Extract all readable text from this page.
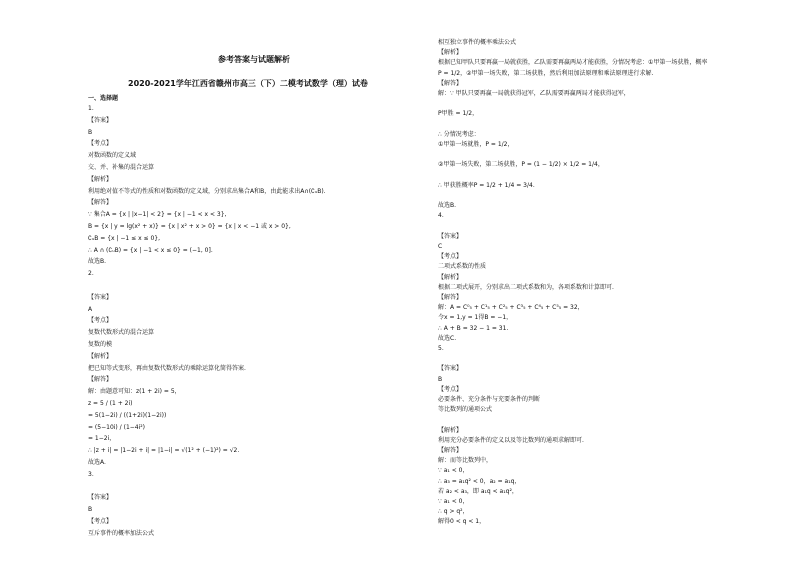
参考答案与试题解析
2020-2021学年江西省赣州市高三（下）二模考试数学（理）试卷
一、选择题
1.
【答案】
B
【考点】
对数函数的定义域
交、并、补集的混合运算
【解析】
利用绝对值不等式的性质和对数函数的定义域，分别求出集合A和B，由此能求出A∩(∁ᵤB).
【解答】
∵ 集合A = {x | |x−1| < 2} = {x | −1 < x < 3},
B = {x | y = lg(x² + x)} = {x | x² + x > 0} = {x | x < −1 或 x > 0},
∁ᵤB = {x | −1 ≤ x ≤ 0},
∴ A ∩ (∁ᵤB) = {x | −1 < x ≤ 0} = (−1, 0].
故选B.
2.
【答案】
A
【考点】
复数代数形式的混合运算
复数的模
【解析】
把已知等式变形，再由复数代数形式的乘除运算化简得答案.
【解答】
解：由题意可知：z(1 + 2i) = 5，
z = 5 / (1 + 2i)
= 5(1−2i) / ((1+2i)(1−2i))
= (5−10i) / (1−4i²)
= 1−2i，
∴ |z + i| = |1−2i + i| = |1−i| = √(1² + (−1)²) = √2.
故选A.
3.
【答案】
B
【考点】
互斥事件的概率加法公式
相互独立事件的概率乘法公式
【解析】
根据已知甲队只要再赢一局就获胜，乙队需要再赢两局才能获胜，分情况考虑：①甲第一场获胜，概率
P = 1/2，②甲第一场失败，第二场获胜，然后利用加法原理和乘法原理进行求解.
【解答】
解：∵ 甲队只要再赢一局就获得冠军，乙队需要再赢两局才能获得冠军，
P甲胜 = 1/2，
∴ 分情况考虑：
①甲第一场就胜，P = 1/2，
②甲第一场失败，第二场获胜，P = (1 − 1/2) × 1/2 = 1/4，
∴ 甲获胜概率P = 1/2 + 1/4 = 3/4.
故选B.
4.
【答案】
C
【考点】
二项式系数的性质
【解析】
根据二项式展开，分别求出二项式系数和为，各项系数和计算即可.
【解答】
解：A = C⁰₅ + C¹₅ + C²₅ + C³₅ + C⁴₅ + C⁵₅ = 32，
令x = 1,y = 1得B = −1，
∴ A + B = 32 − 1 = 31.
故选C.
5.
【答案】
B
【考点】
必要条件、充分条件与充要条件的判断
等比数列的通项公式
【解析】
利用充分必要条件的定义以及等比数列的通项求解即可.
【解答】
解：而等比数列中，
∵ a₁ < 0，
∴ a₃ = a₁q² < 0，a₂ = a₁q，
若 a₂ < a₃，即 a₁q < a₁q²，
∵ a₁ < 0，
∴ q > q²，
解得0 < q < 1，
